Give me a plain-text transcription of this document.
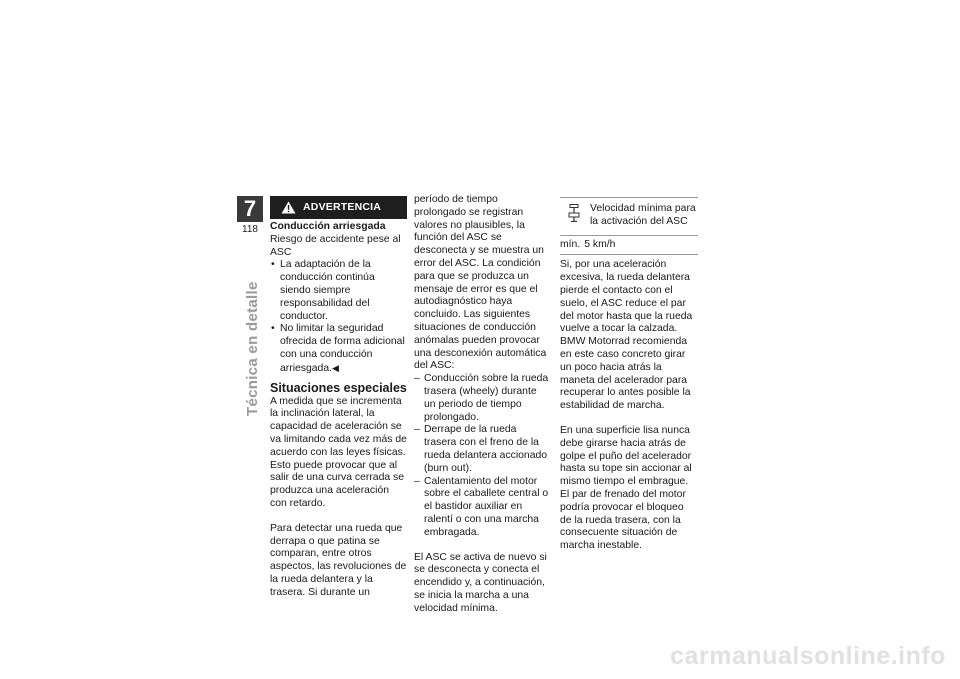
7
118
Técnica en detalle
ADVERTENCIA

Conducción arriesgada

Riesgo de accidente pese al ASC

• La adaptación de la conducción continúa siendo siempre responsabilidad del conductor.
• No limitar la seguridad ofrecida de forma adicional con una conducción arriesgada.◀
Situaciones especiales

A medida que se incrementa la inclinación lateral, la capacidad de aceleración se va limitando cada vez más de acuerdo con las leyes físicas. Esto puede provocar que al salir de una curva cerrada se produzca una aceleración con retardo.

Para detectar una rueda que derrapa o que patina se comparan, entre otros aspectos, las revoluciones de la rueda delantera y la trasera. Si durante un

período de tiempo prolongado se registran valores no plausibles, la función del ASC se desconecta y se muestra un error del ASC. La condición para que se produzca un mensaje de error es que el autodiagnóstico haya concluido. Las siguientes situaciones de conducción anómalas pueden provocar una desconexión automática del ASC:

– Conducción sobre la rueda trasera (wheely) durante un periodo de tiempo prolongado.
– Derrape de la rueda trasera con el freno de la rueda delantera accionado (burn out).
– Calentamiento del motor sobre el caballete central o el bastidor auxiliar en ralentí o con una marcha embragada.

El ASC se activa de nuevo si se desconecta y conecta el encendido y, a continuación, se inicia la marcha a una velocidad mínima.

Velocidad mínima para la activación del ASC
mín. 5 km/h

Si, por una aceleración excesiva, la rueda delantera pierde el contacto con el suelo, el ASC reduce el par del motor hasta que la rueda vuelve a tocar la calzada. BMW Motorrad recomienda en este caso concreto girar un poco hacia atrás la maneta del acelerador para recuperar lo antes posible la estabilidad de marcha.

En una superficie lisa nunca debe girarse hacia atrás de golpe el puño del acelerador hasta su tope sin accionar al mismo tiempo el embrague. El par de frenado del motor podría provocar el bloqueo de la rueda trasera, con la consecuente situación de marcha inestable.

carmanualsonline.info
